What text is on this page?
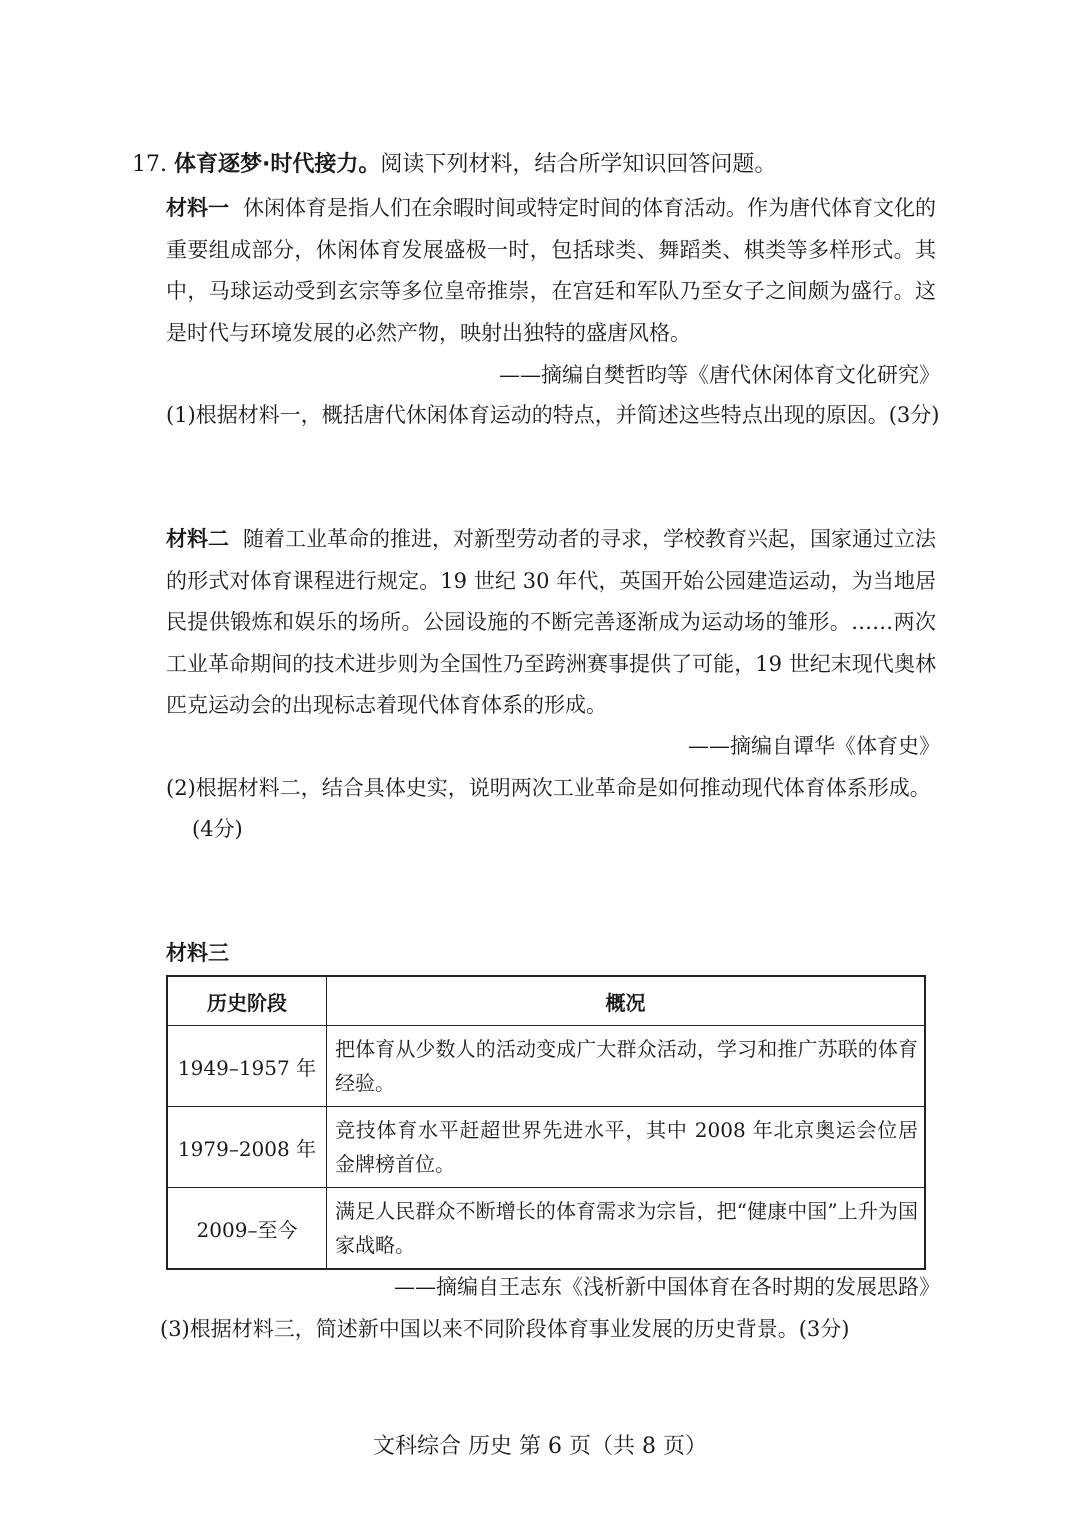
17. 体育逐梦·时代接力。阅读下列材料，结合所学知识回答问题。
材料一 休闲体育是指人们在余暇时间或特定时间的体育活动。作为唐代体育文化的重要组成部分，休闲体育发展盛极一时，包括球类、舞蹈类、棋类等多样形式。其中，马球运动受到玄宗等多位皇帝推崇，在宫廷和军队乃至女子之间颇为盛行。这是时代与环境发展的必然产物，映射出独特的盛唐风格。
——摘编自樊哲昀等《唐代休闲体育文化研究》
(1)根据材料一，概括唐代休闲体育运动的特点，并简述这些特点出现的原因。(3分)
材料二 随着工业革命的推进，对新型劳动者的寻求，学校教育兴起，国家通过立法的形式对体育课程进行规定。19 世纪 30 年代，英国开始公园建造运动，为当地居民提供锻炼和娱乐的场所。公园设施的不断完善逐渐成为运动场的雏形。……两次工业革命期间的技术进步则为全国性乃至跨洲赛事提供了可能，19 世纪末现代奥林匹克运动会的出现标志着现代体育体系的形成。
——摘编自谭华《体育史》
(2)根据材料二，结合具体史实，说明两次工业革命是如何推动现代体育体系形成。
(4分)
材料三
历史阶段	概况
1949–1957 年	把体育从少数人的活动变成广大群众活动，学习和推广苏联的体育经验。
1979–2008 年	竞技体育水平赶超世界先进水平，其中 2008 年北京奥运会位居金牌榜首位。
2009–至今	满足人民群众不断增长的体育需求为宗旨，把“健康中国”上升为国家战略。
——摘编自王志东《浅析新中国体育在各时期的发展思路》
(3)根据材料三，简述新中国以来不同阶段体育事业发展的历史背景。(3分)
文科综合 历史 第 6 页（共 8 页）
